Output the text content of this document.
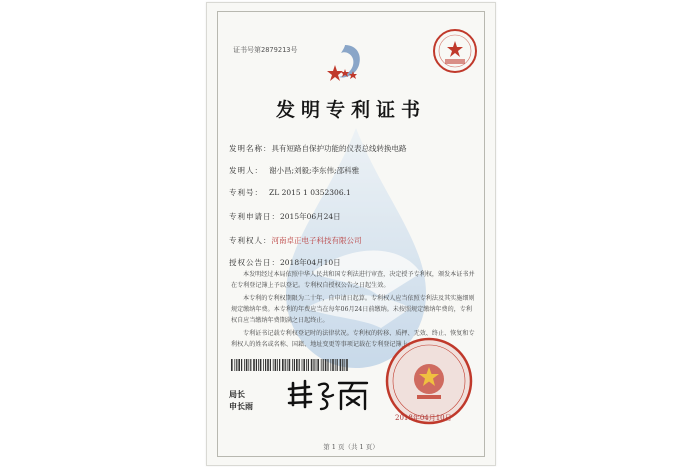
证书号第2879213号
发明专利证书
发明名称：具有短路自保护功能的仪表总线转换电路
发明人： 谢小昌;刘毅;李东伟;邵科雅
专利号： ZL 2015 1 0352306.1
专利申请日：2015年06月24日
专利权人：河南卓正电子科技有限公司
授权公告日：2018年04月10日

本发明经过本局依照中华人民共和国专利法进行审查，决定授予专利权，颁发本证书并在专利登记簿上予以登记。专利权自授权公告之日起生效。

本专利的专利权期限为二十年，自申请日起算。专利权人应当依照专利法及其实施细则规定缴纳年费。本专利的年费应当在每年06月24日前缴纳。未按照规定缴纳年费的，专利权自应当缴纳年费期满之日起终止。

专利证书记载专利权登记时的法律状况。专利权的转移、质押、无效、终止、恢复和专利权人的姓名或名称、国籍、地址变更等事项记载在专利登记簿上。

局长
申长雨
2018年04月10日
第 1 页（共 1 页）
